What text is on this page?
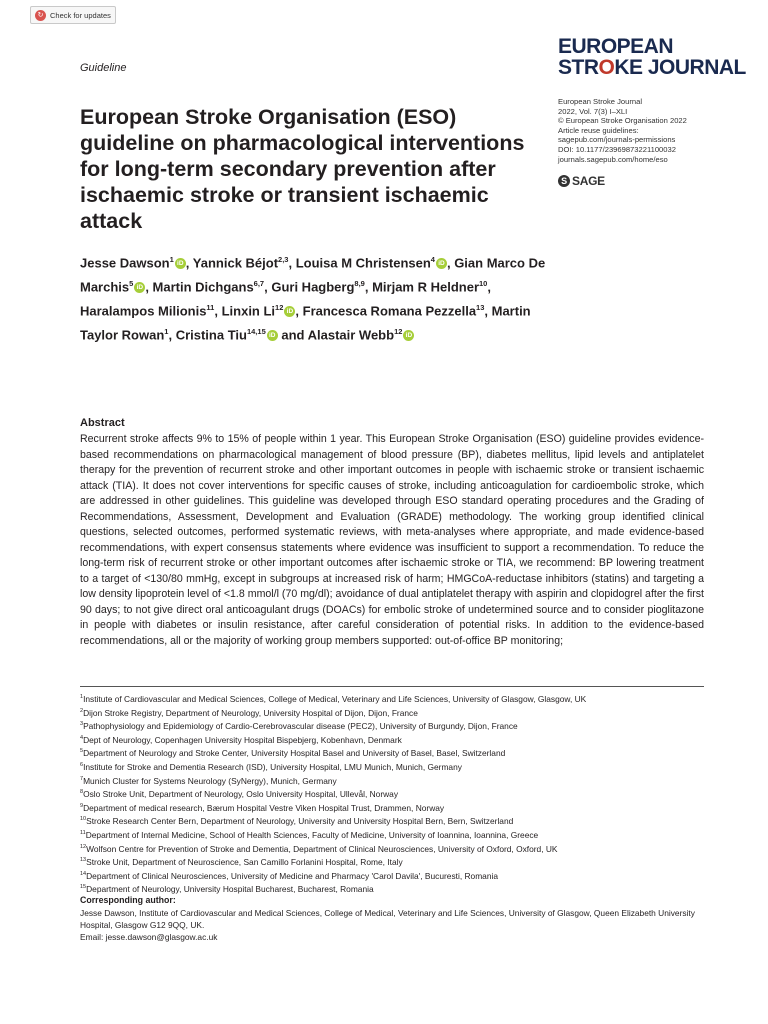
↻ Check for updates
Guideline
EUROPEAN
STROKE JOURNAL
European Stroke Journal
2022, Vol. 7(3) I–XLI
© European Stroke Organisation 2022
Article reuse guidelines:
sagepub.com/journals-permissions
DOI: 10.1177/23969873221100032
journals.sagepub.com/home/eso
S SAGE
European Stroke Organisation (ESO) guideline on pharmacological interventions for long-term secondary prevention after ischaemic stroke or transient ischaemic attack
Jesse Dawson$^1$ iD , Yannick Béjot$^{2,3}$, Louisa M Christensen$^4$ iD , Gian Marco De Marchis$^5$ iD , Martin Dichgans$^{6,7}$, Guri Hagberg$^{8,9}$, Mirjam R Heldner$^{10}$, Haralampos Milionis$^{11}$, Linxin Li$^{12}$ iD , Francesca Romana Pezzella$^{13}$, Martin Taylor Rowan$^1$, Cristina Tiu$^{14,15}$ iD and Alastair Webb$^{12}$ iD
Abstract
Recurrent stroke affects 9% to 15% of people within 1 year. This European Stroke Organisation (ESO) guideline provides evidence-based recommendations on pharmacological management of blood pressure (BP), diabetes mellitus, lipid levels and antiplatelet therapy for the prevention of recurrent stroke and other important outcomes in people with ischaemic stroke or transient ischaemic attack (TIA). It does not cover interventions for specific causes of stroke, including anticoagulation for cardioembolic stroke, which are addressed in other guidelines. This guideline was developed through ESO standard operating procedures and the Grading of Recommendations, Assessment, Development and Evaluation (GRADE) methodology. The working group identified clinical questions, selected outcomes, performed systematic reviews, with meta-analyses where appropriate, and made evidence-based recommendations, with expert consensus statements where evidence was insufficient to support a recommendation. To reduce the long-term risk of recurrent stroke or other important outcomes after ischaemic stroke or TIA, we recommend: BP lowering treatment to a target of <130/80 mmHg, except in subgroups at increased risk of harm; HMGCoA-reductase inhibitors (statins) and targeting a low density lipoprotein level of <1.8 mmol/l (70 mg/dl); avoidance of dual antiplatelet therapy with aspirin and clopidogrel after the first 90 days; to not give direct oral anticoagulant drugs (DOACs) for embolic stroke of undetermined source and to consider pioglitazone in people with diabetes or insulin resistance, after careful consideration of potential risks. In addition to the evidence-based recommendations, all or the majority of working group members supported: out-of-office BP monitoring;
$^1$Institute of Cardiovascular and Medical Sciences, College of Medical, Veterinary and Life Sciences, University of Glasgow, Glasgow, UK
$^2$Dijon Stroke Registry, Department of Neurology, University Hospital of Dijon, Dijon, France
$^3$Pathophysiology and Epidemiology of Cardio-Cerebrovascular disease (PEC2), University of Burgundy, Dijon, France
$^4$Dept of Neurology, Copenhagen University Hospital Bispebjerg, Kobenhavn, Denmark
$^5$Department of Neurology and Stroke Center, University Hospital Basel and University of Basel, Basel, Switzerland
$^6$Institute for Stroke and Dementia Research (ISD), University Hospital, LMU Munich, Munich, Germany
$^7$Munich Cluster for Systems Neurology (SyNergy), Munich, Germany
$^8$Oslo Stroke Unit, Department of Neurology, Oslo University Hospital, Ullevål, Norway
$^9$Department of medical research, Bærum Hospital Vestre Viken Hospital Trust, Drammen, Norway
$^{10}$Stroke Research Center Bern, Department of Neurology, University and University Hospital Bern, Bern, Switzerland
$^{11}$Department of Internal Medicine, School of Health Sciences, Faculty of Medicine, University of Ioannina, Ioannina, Greece
$^{12}$Wolfson Centre for Prevention of Stroke and Dementia, Department of Clinical Neurosciences, University of Oxford, Oxford, UK
$^{13}$Stroke Unit, Department of Neuroscience, San Camillo Forlanini Hospital, Rome, Italy
$^{14}$Department of Clinical Neurosciences, University of Medicine and Pharmacy 'Carol Davila', Bucuresti, Romania
$^{15}$Department of Neurology, University Hospital Bucharest, Bucharest, Romania
Corresponding author:
Jesse Dawson, Institute of Cardiovascular and Medical Sciences, College of Medical, Veterinary and Life Sciences, University of Glasgow, Queen Elizabeth University Hospital, Glasgow G12 9QQ, UK.
Email: jesse.dawson@glasgow.ac.uk
